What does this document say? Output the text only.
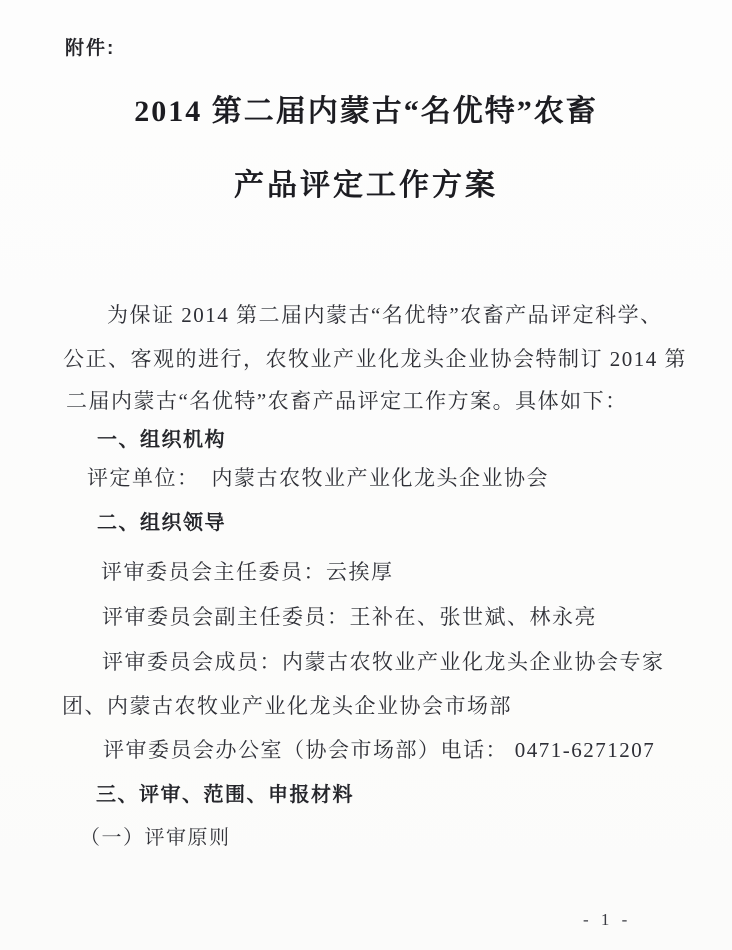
附件:
2014 第二届内蒙古“名优特”农畜
产品评定工作方案
为保证 2014 第二届内蒙古“名优特”农畜产品评定科学、
公正、客观的进行，农牧业产业化龙头企业协会特制订 2014 第
二届内蒙古“名优特”农畜产品评定工作方案。具体如下：
一、组织机构
评定单位：　内蒙古农牧业产业化龙头企业协会
二、组织领导
评审委员会主任委员：云挨厚
评审委员会副主任委员：王补在、张世斌、林永亮
评审委员会成员：内蒙古农牧业产业化龙头企业协会专家
团、内蒙古农牧业产业化龙头企业协会市场部
评审委员会办公室（协会市场部）电话： 0471-6271207
三、评审、范围、申报材料
（一）评审原则
- 1 -
